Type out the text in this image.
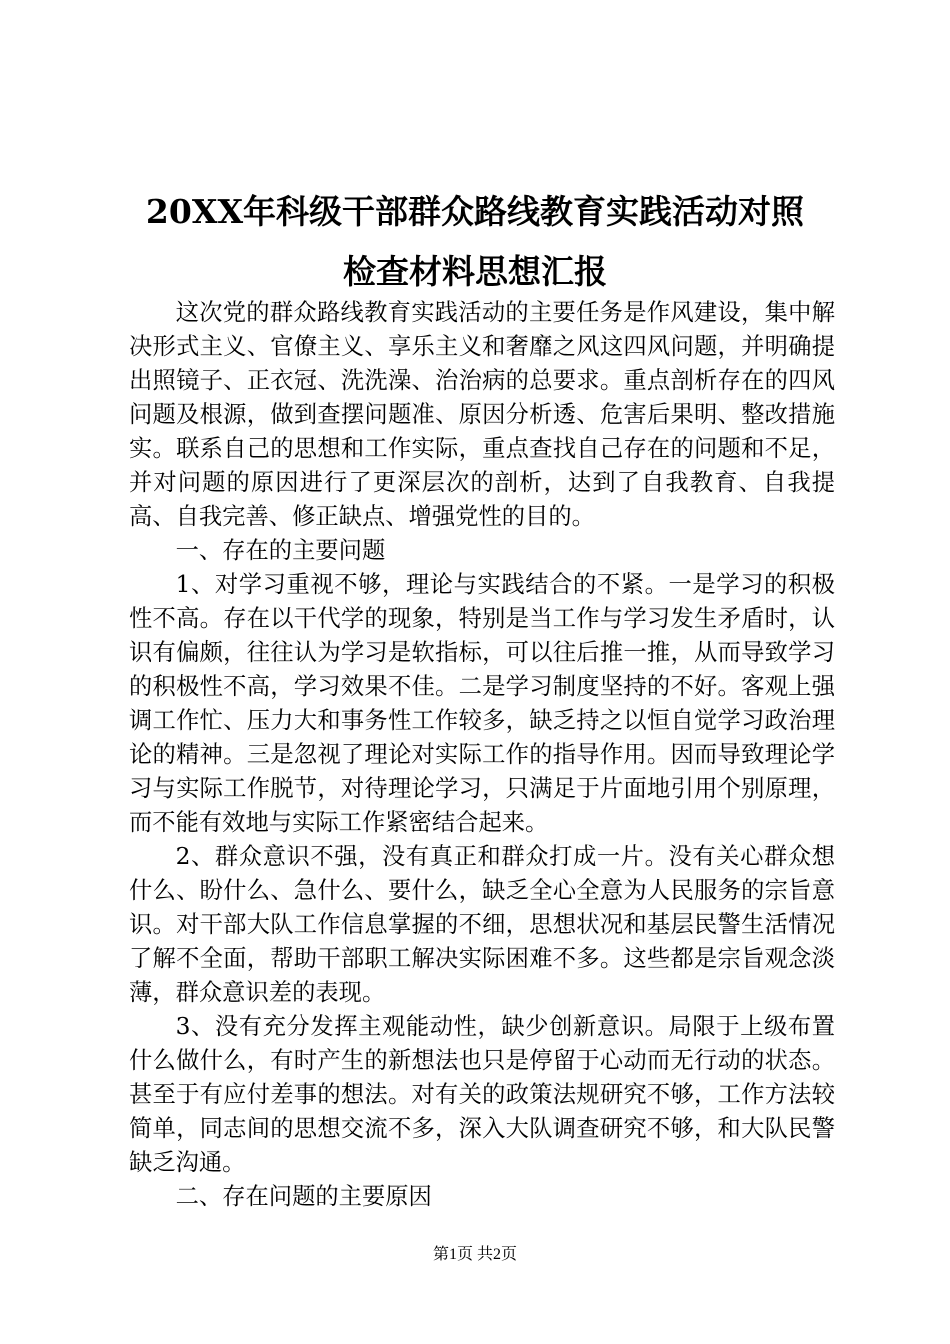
20XX年科级干部群众路线教育实践活动对照
检查材料思想汇报

这次党的群众路线教育实践活动的主要任务是作风建设，集中解决形式主义、官僚主义、享乐主义和奢靡之风这四风问题，并明确提出照镜子、正衣冠、洗洗澡、治治病的总要求。重点剖析存在的四风问题及根源，做到查摆问题准、原因分析透、危害后果明、整改措施实。联系自己的思想和工作实际，重点查找自己存在的问题和不足，并对问题的原因进行了更深层次的剖析，达到了自我教育、自我提高、自我完善、修正缺点、增强党性的目的。

一、存在的主要问题

1、对学习重视不够，理论与实践结合的不紧。一是学习的积极性不高。存在以干代学的现象，特别是当工作与学习发生矛盾时，认识有偏颇，往往认为学习是软指标，可以往后推一推，从而导致学习的积极性不高，学习效果不佳。二是学习制度坚持的不好。客观上强调工作忙、压力大和事务性工作较多，缺乏持之以恒自觉学习政治理论的精神。三是忽视了理论对实际工作的指导作用。因而导致理论学习与实际工作脱节，对待理论学习，只满足于片面地引用个别原理，而不能有效地与实际工作紧密结合起来。

2、群众意识不强，没有真正和群众打成一片。没有关心群众想什么、盼什么、急什么、要什么，缺乏全心全意为人民服务的宗旨意识。对干部大队工作信息掌握的不细，思想状况和基层民警生活情况了解不全面，帮助干部职工解决实际困难不多。这些都是宗旨观念淡薄，群众意识差的表现。

3、没有充分发挥主观能动性，缺少创新意识。局限于上级布置什么做什么，有时产生的新想法也只是停留于心动而无行动的状态。甚至于有应付差事的想法。对有关的政策法规研究不够，工作方法较简单，同志间的思想交流不多，深入大队调查研究不够，和大队民警缺乏沟通。

二、存在问题的主要原因

第1页 共2页
